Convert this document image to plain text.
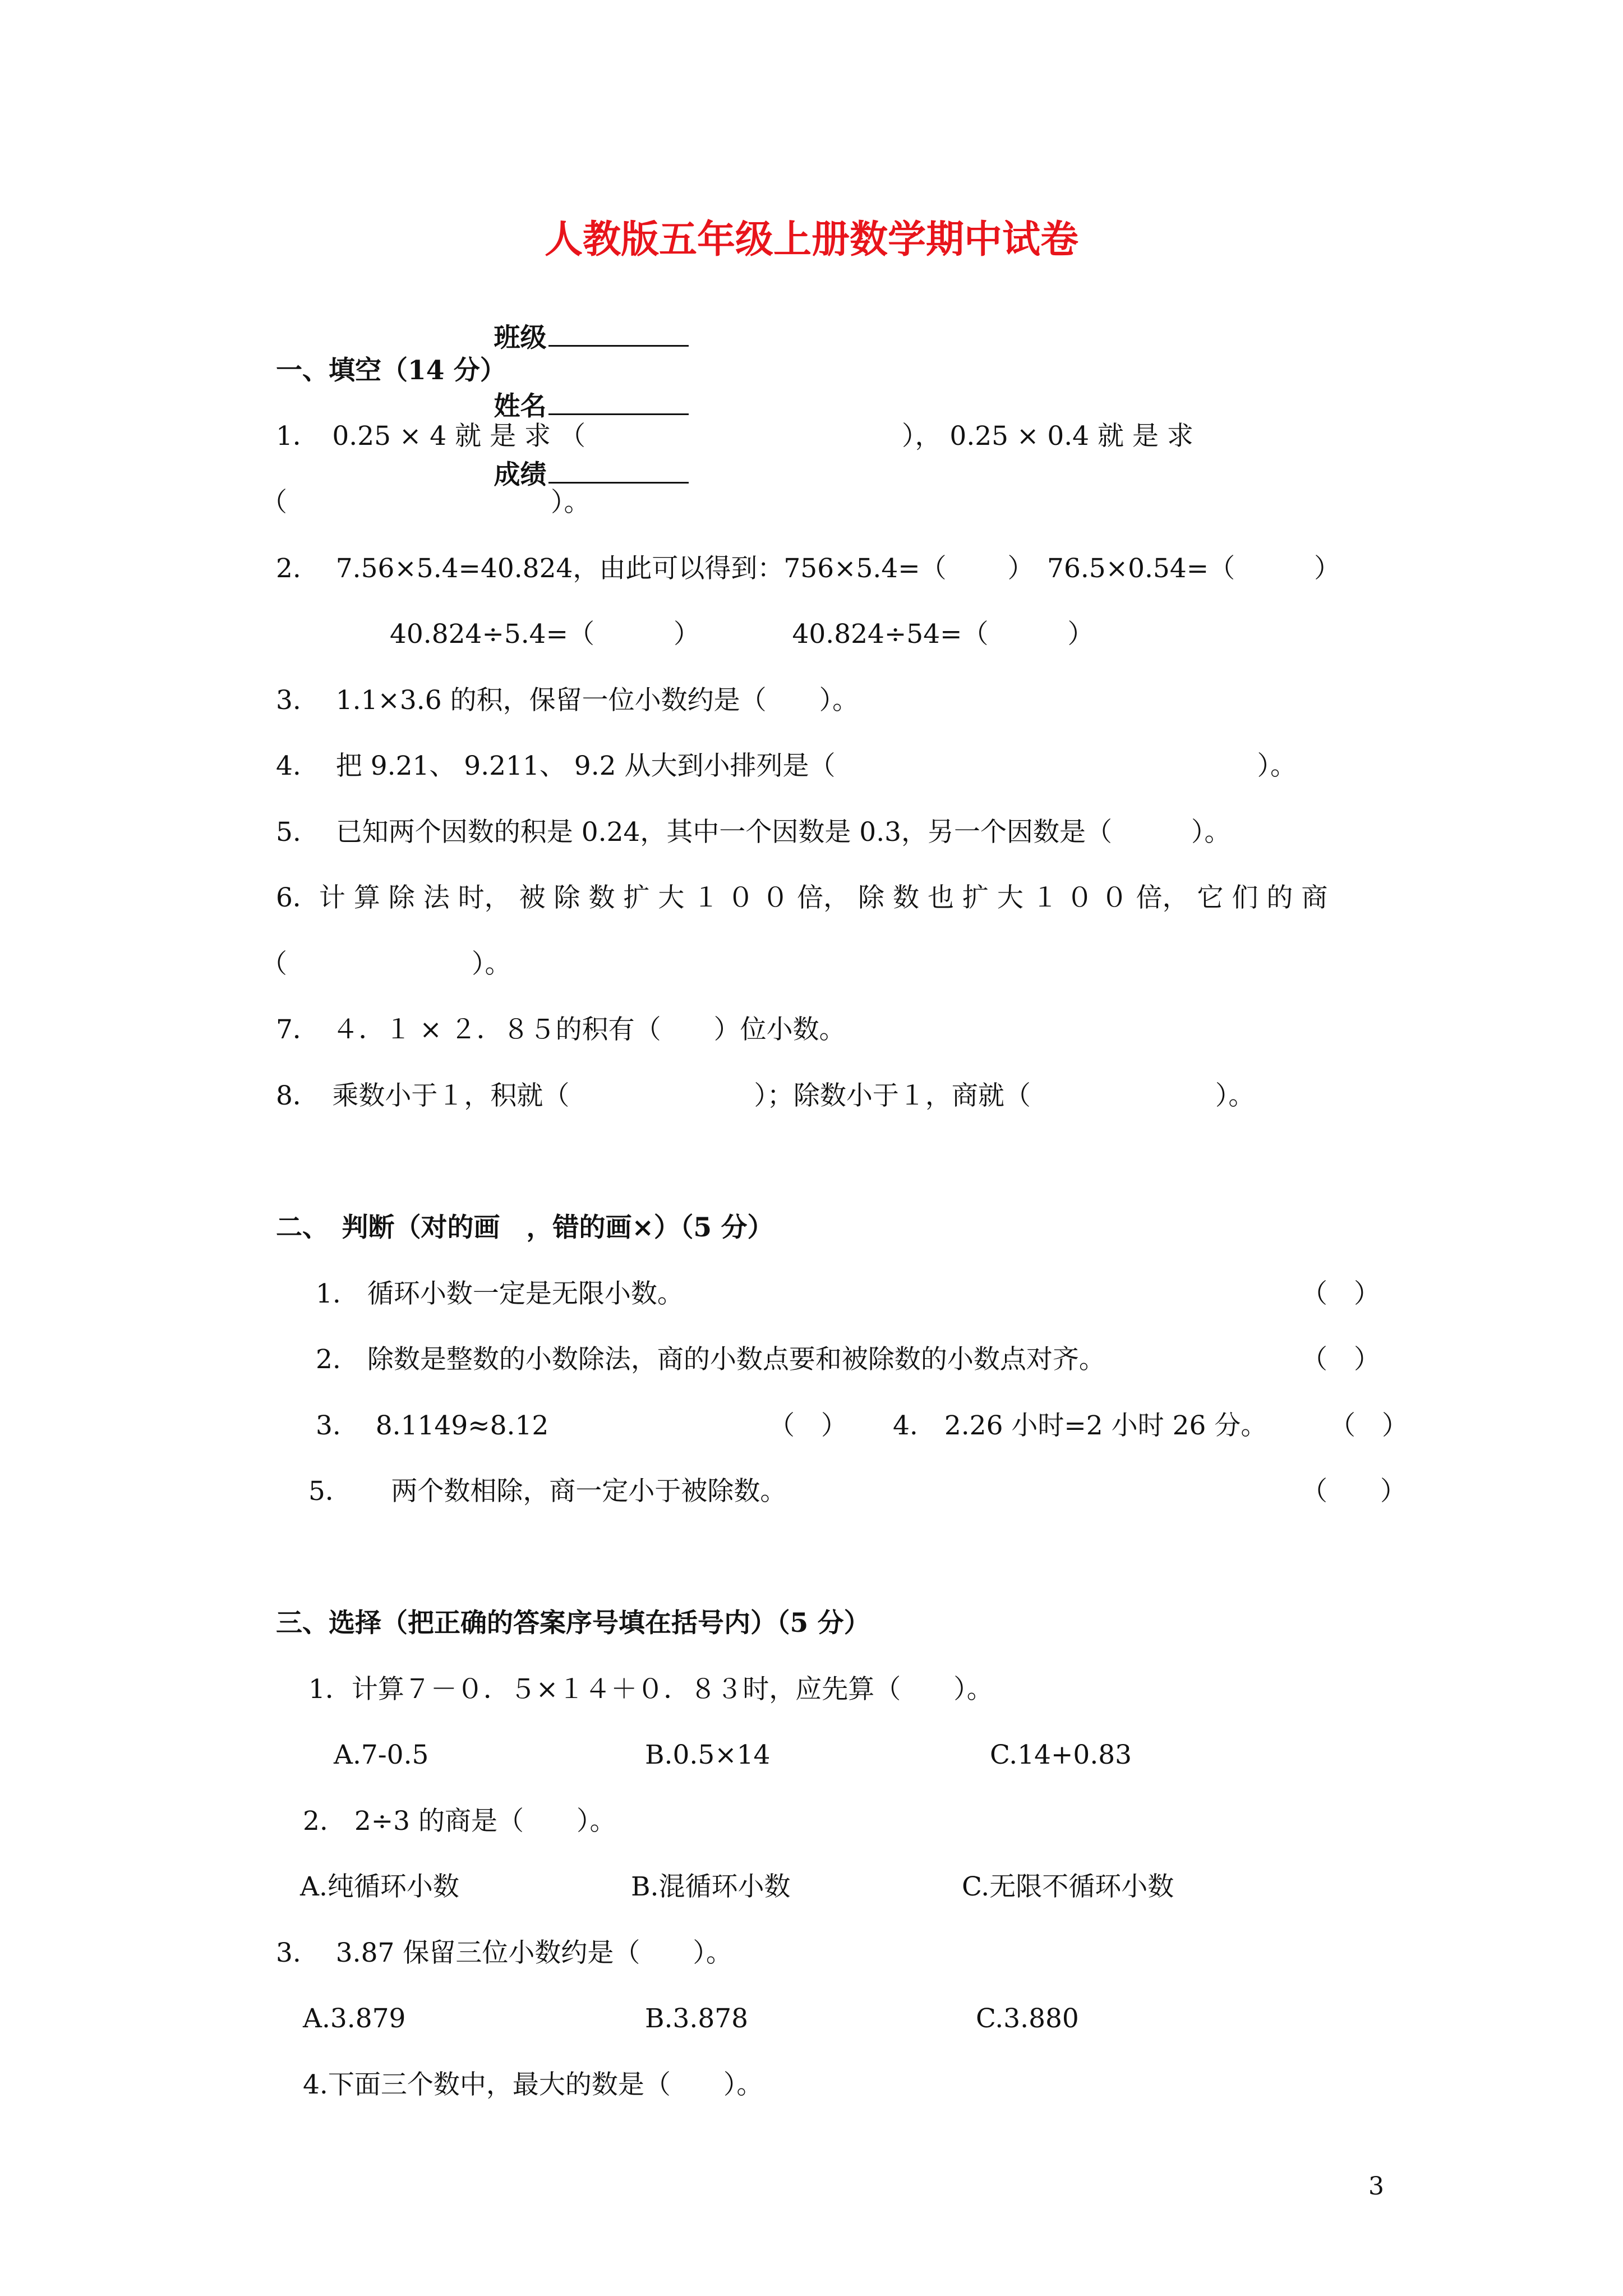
人教版五年级上册数学期中试卷

班级

姓名

成绩

一、填空（14 分）
1．　0.25 × 4 就 是 求 （　　　　　　　　　　　　）， 0.25 × 0.4 就 是 求
（　　　　　　　　　　）。
2.　 7.56×5.4=40.824，由此可以得到：756×5.4=（　　 ）　76.5×0.54=（　　　）
40.824÷5.4=（　　　）　　　　40.824÷54=（　　　）
3.　 1.1×3.6 的积，保留一位小数约是（　　）。
4.　 把 9.21、 9.211、 9.2 从大到小排列是（　　　　　　　　　　　　　　　　）。
5.　 已知两个因数的积是 0.24，其中一个因数是 0.3，另一个因数是（　　　）。
6．计 算 除 法 时， 被 除 数 扩 大 １ ０ ０ 倍， 除 数 也 扩 大 １ ０ ０ 倍， 它 们 的 商
（　　　　　　　）。
7．　４．１ × ２．８５的积有（　　）位小数。
8．　乘数小于１，积就（　　　　　　　）；除数小于１，商就（　　　　　　　）。
二、　判断（对的画　，错的画×）（5 分）
1.　循环小数一定是无限小数。	（　）
2.　除数是整数的小数除法，商的小数点要和被除数的小数点对齐。	（　）
3.　 8.1149≈8.12	（　） 4.　2.26 小时=2 小时 26 分。 （　）
5．　　两个数相除，商一定小于被除数。	（　　）
三、选择（把正确的答案序号填在括号内）（5 分）
1．计算７－０．５×１４＋０．８３时，应先算（　　）。
A.7-0.5	B.0.5×14	C.14+0.83
2.　2÷3 的商是（　　）。
A.纯循环小数	B.混循环小数	C.无限不循环小数
3.　 3.87 保留三位小数约是（　　）。
A.3.879	B.3.878	C.3.880
4.下面三个数中，最大的数是（　　）。
3
